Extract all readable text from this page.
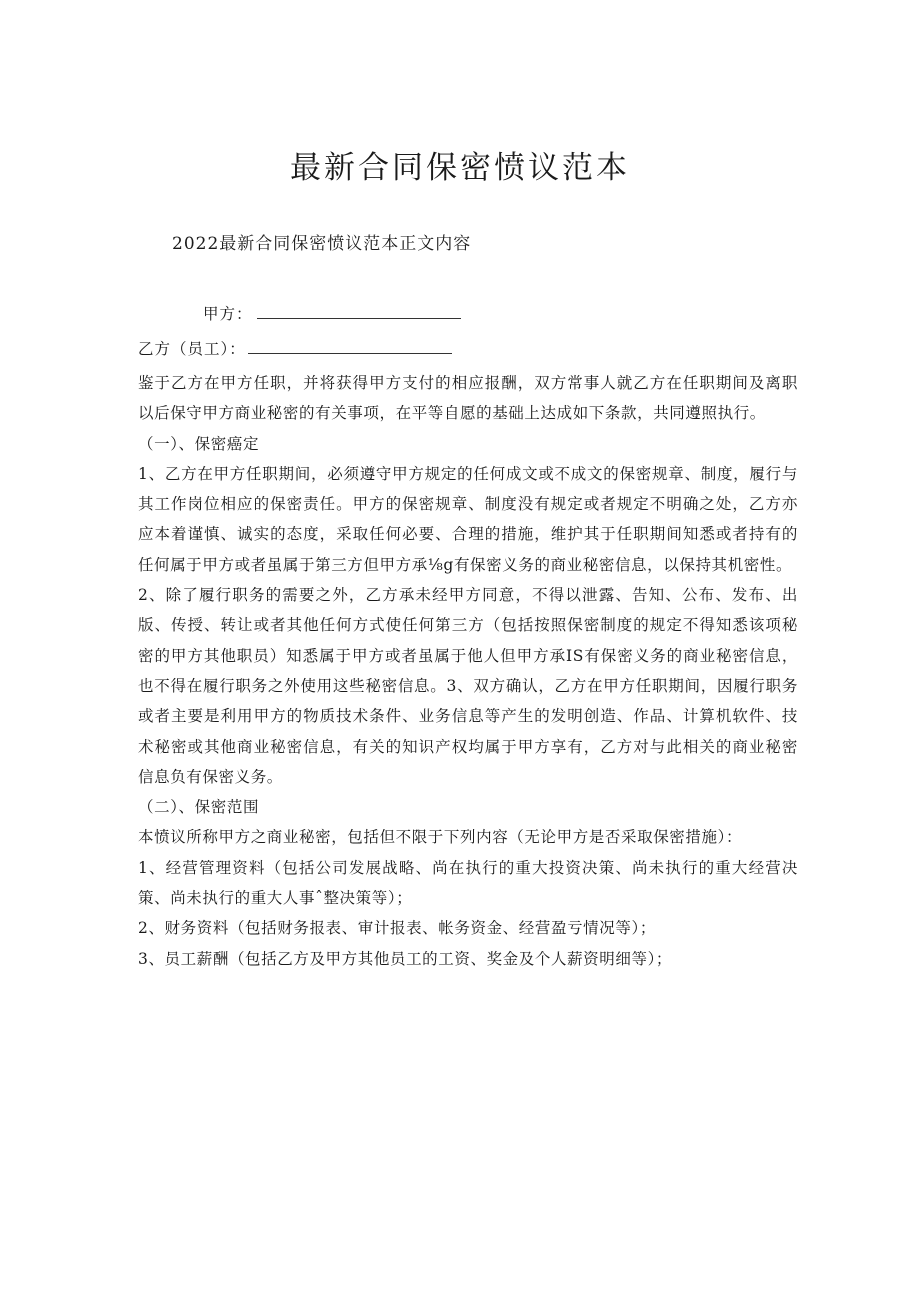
最新合同保密愤议范本
2022最新合同保密愤议范本正文内容
甲方：
乙方（员工）：

鉴于乙方在甲方任职，并将获得甲方支付的相应报酬，双方常事人就乙方在任职期间及离职以后保守甲方商业秘密的有关事项，在平等自愿的基础上达成如下条款，共同遵照执行。

（一）、保密癌定

1、乙方在甲方任职期间，必须遵守甲方规定的任何成文或不成文的保密规章、制度，履行与其工作岗位相应的保密责任。甲方的保密规章、制度没有规定或者规定不明确之处，乙方亦应本着谨慎、诚实的态度，采取任何必要、合理的措施，维护其于任职期间知悉或者持有的任何属于甲方或者虽属于第三方但甲方承⅛g有保密义务的商业秘密信息，以保持其机密性。

2、除了履行职务的需要之外，乙方承未经甲方同意，不得以泄露、告知、公布、发布、出版、传授、转让或者其他任何方式使任何第三方（包括按照保密制度的规定不得知悉该项秘密的甲方其他职员）知悉属于甲方或者虽属于他人但甲方承IS有保密义务的商业秘密信息，也不得在履行职务之外使用这些秘密信息。3、双方确认，乙方在甲方任职期间，因履行职务或者主要是利用甲方的物质技术条件、业务信息等产生的发明创造、作品、计算机软件、技术秘密或其他商业秘密信息，有关的知识产权均属于甲方享有，乙方对与此相关的商业秘密信息负有保密义务。

（二）、保密范围

本愤议所称甲方之商业秘密，包括但不限于下列内容（无论甲方是否采取保密措施）：

1、经营管理资料（包括公司发展战略、尚在执行的重大投资决策、尚未执行的重大经营决策、尚未执行的重大人事ˆ整决策等）；

2、财务资料（包括财务报表、审计报表、帐务资金、经营盈亏情况等）；

3、员工薪酬（包括乙方及甲方其他员工的工资、奖金及个人薪资明细等）；
